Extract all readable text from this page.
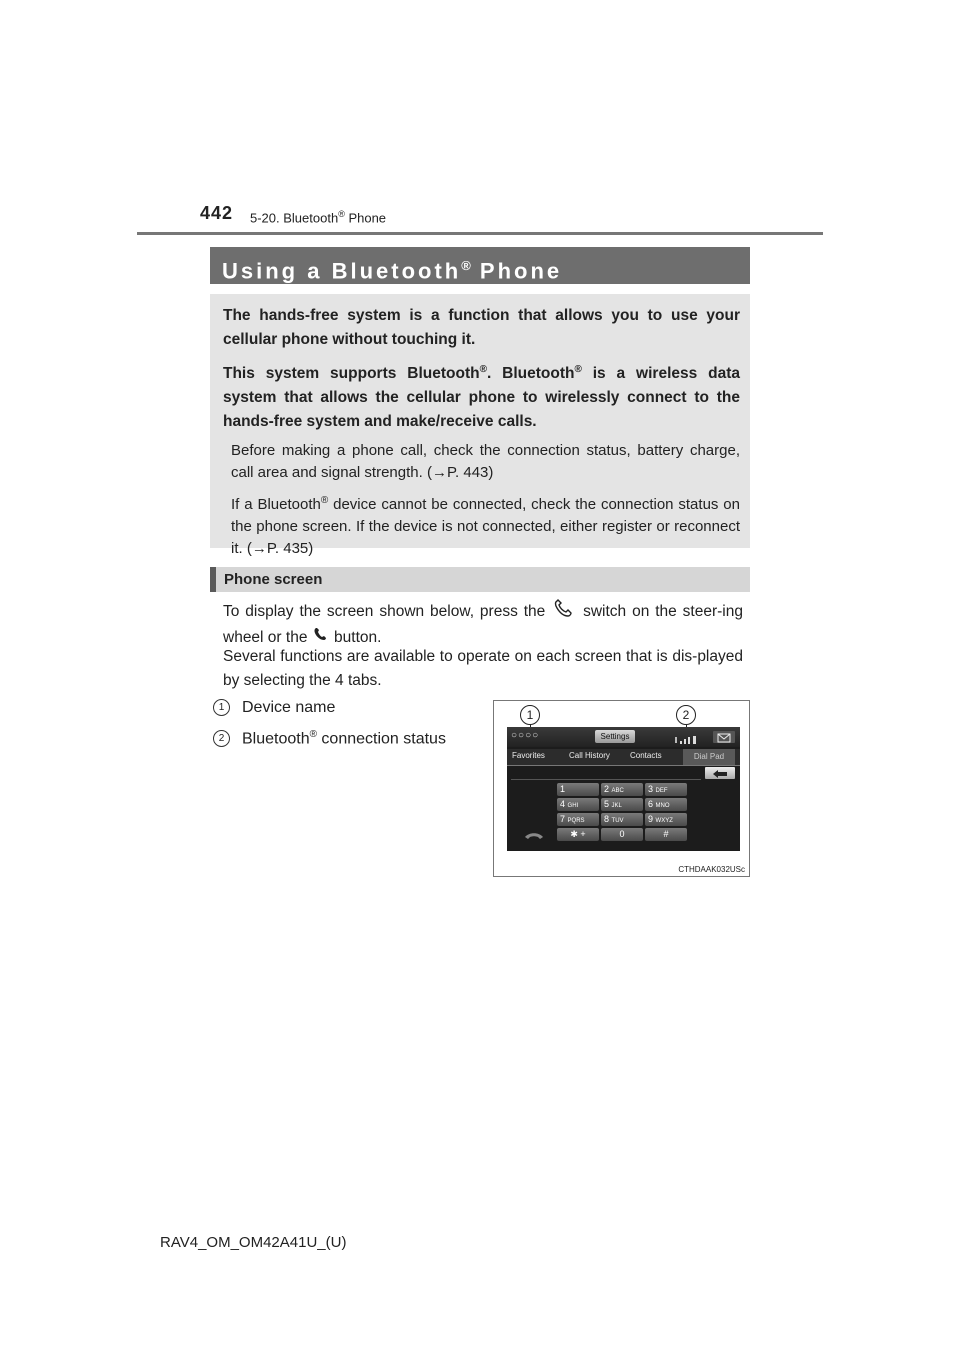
442 5-20. Bluetooth® Phone
Using a Bluetooth® Phone

The hands-free system is a function that allows you to use your cellular phone without touching it.

This system supports Bluetooth®. Bluetooth® is a wireless data system that allows the cellular phone to wirelessly connect to the hands-free system and make/receive calls.

Before making a phone call, check the connection status, battery charge, call area and signal strength. (→P. 443)

If a Bluetooth® device cannot be connected, check the connection status on the phone screen. If the device is not connected, either register or reconnect it. (→P. 435)

Phone screen

To display the screen shown below, press the  switch on the steer-ing wheel or the  button.

Several functions are available to operate on each screen that is dis-played by selecting the 4 tabs.

1 Device name
2 Bluetooth® connection status
1	2
○○○○	Settings
Favorites	Call History	Contacts	Dial Pad
1	2 ABC	3 DEF
4 GHI	5 JKL	6 MNO
7 PQRS	8 TUV	9 WXYZ
✱ +	0	#
CTHDAAK032USc
RAV4_OM_OM42A41U_(U)
